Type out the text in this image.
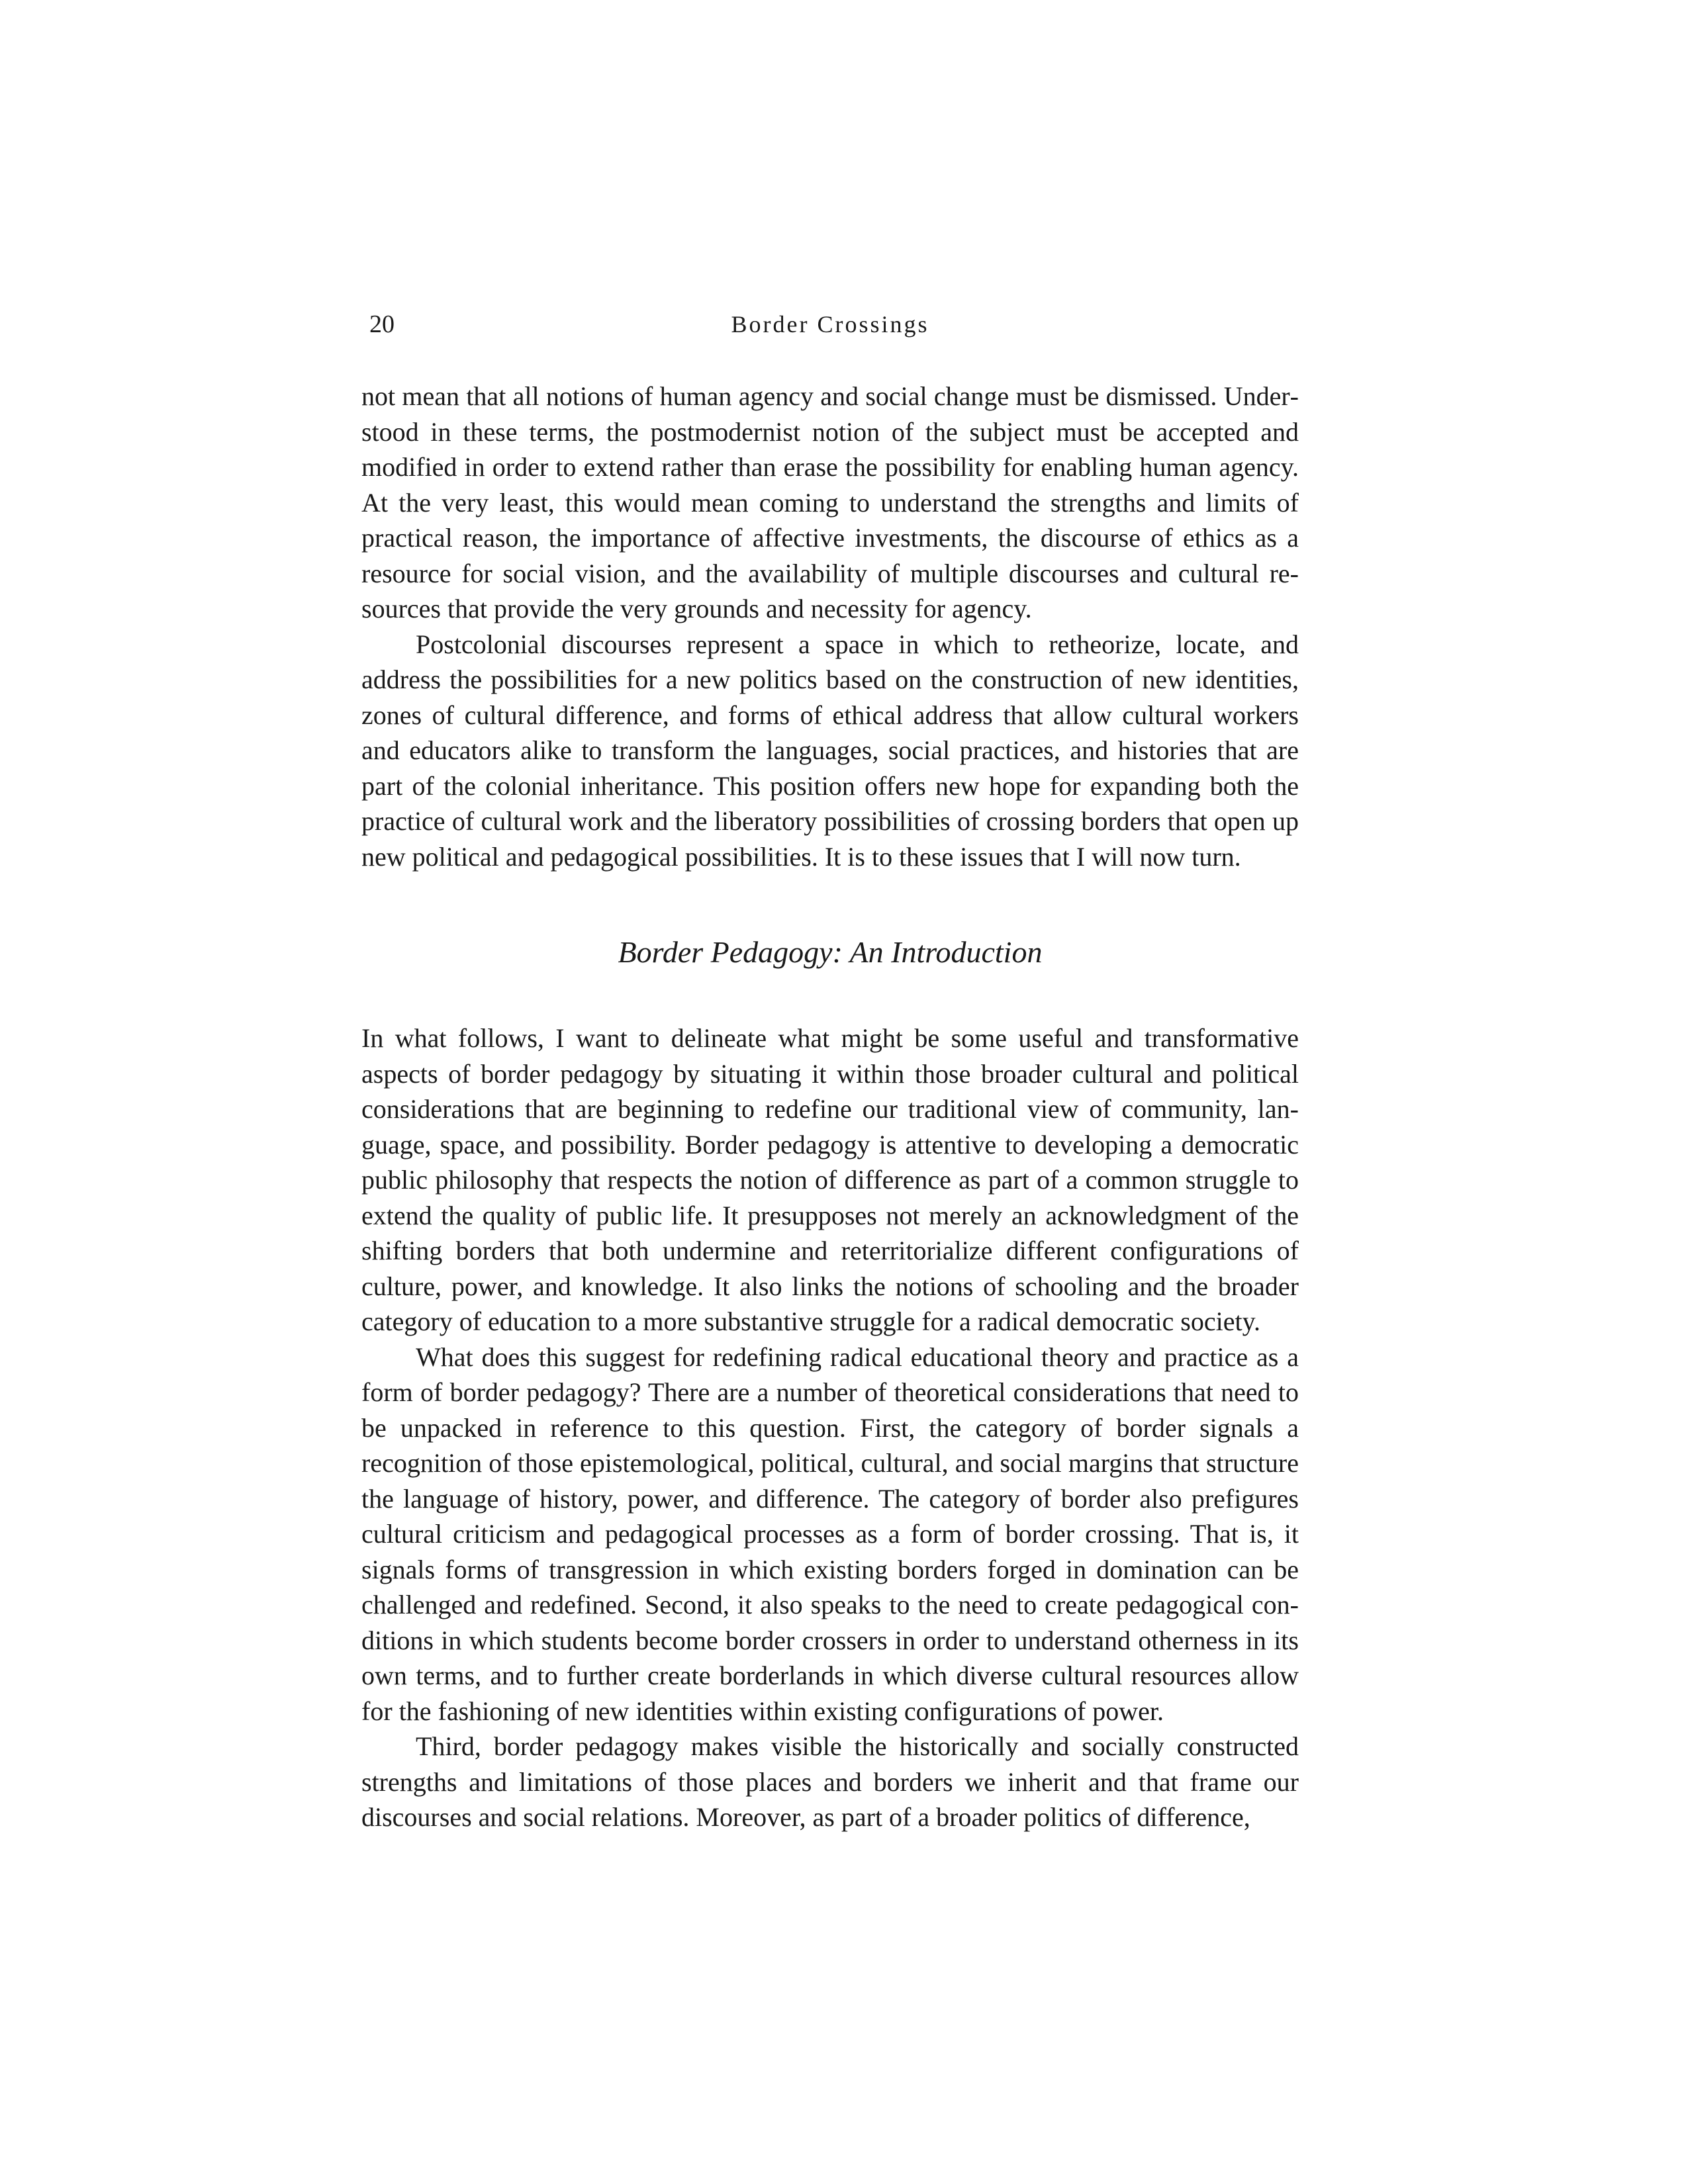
20	Border Crossings

not mean that all notions of human agency and social change must be dismissed. Understood in these terms, the postmodernist notion of the subject must be accepted and modified in order to extend rather than erase the possibility for enabling human agency. At the very least, this would mean coming to understand the strengths and limits of practical reason, the importance of affective investments, the discourse of ethics as a resource for social vision, and the availability of multiple discourses and cultural resources that provide the very grounds and necessity for agency.

Postcolonial discourses represent a space in which to retheorize, locate, and address the possibilities for a new politics based on the construction of new identities, zones of cultural difference, and forms of ethical address that allow cultural workers and educators alike to transform the languages, social practices, and histories that are part of the colonial inheritance. This position offers new hope for expanding both the practice of cultural work and the liberatory possibilities of crossing borders that open up new political and pedagogical possibilities. It is to these issues that I will now turn.

Border Pedagogy: An Introduction

In what follows, I want to delineate what might be some useful and transformative aspects of border pedagogy by situating it within those broader cultural and political considerations that are beginning to redefine our traditional view of community, language, space, and possibility. Border pedagogy is attentive to developing a democratic public philosophy that respects the notion of difference as part of a common struggle to extend the quality of public life. It presupposes not merely an acknowledgment of the shifting borders that both undermine and reterritorialize different configurations of culture, power, and knowledge. It also links the notions of schooling and the broader category of education to a more substantive struggle for a radical democratic society.

What does this suggest for redefining radical educational theory and practice as a form of border pedagogy? There are a number of theoretical considerations that need to be unpacked in reference to this question. First, the category of border signals a recognition of those epistemological, political, cultural, and social margins that structure the language of history, power, and difference. The category of border also prefigures cultural criticism and pedagogical processes as a form of border crossing. That is, it signals forms of transgression in which existing borders forged in domination can be challenged and redefined. Second, it also speaks to the need to create pedagogical conditions in which students become border crossers in order to understand otherness in its own terms, and to further create borderlands in which diverse cultural resources allow for the fashioning of new identities within existing configurations of power.

Third, border pedagogy makes visible the historically and socially constructed strengths and limitations of those places and borders we inherit and that frame our discourses and social relations. Moreover, as part of a broader politics of difference,
